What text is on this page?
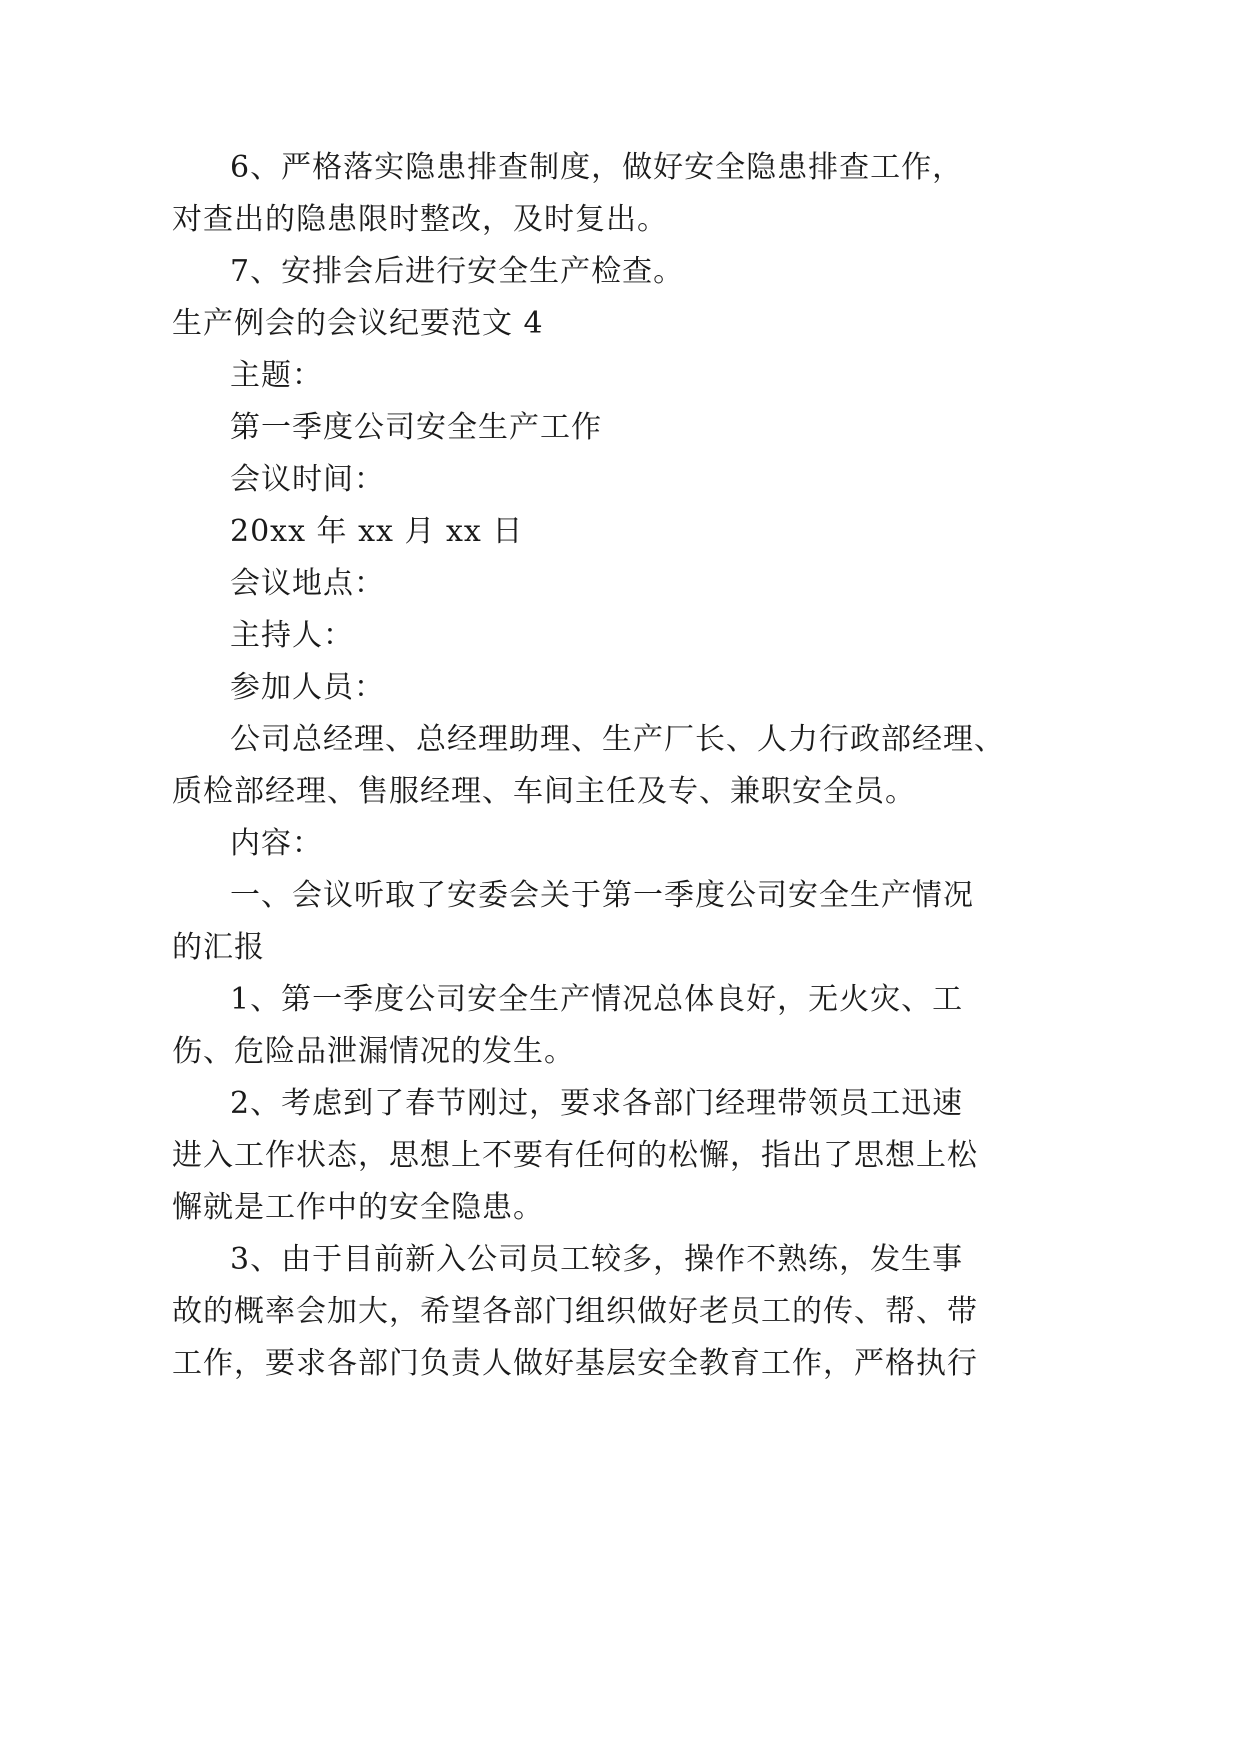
6、严格落实隐患排查制度，做好安全隐患排查工作，
对查出的隐患限时整改，及时复出。
7、安排会后进行安全生产检查。
生产例会的会议纪要范文 4
主题：
第一季度公司安全生产工作
会议时间：
20xx 年 xx 月 xx 日
会议地点：
主持人：
参加人员：
公司总经理、总经理助理、生产厂长、人力行政部经理、
质检部经理、售服经理、车间主任及专、兼职安全员。
内容：
一、会议听取了安委会关于第一季度公司安全生产情况
的汇报
1、第一季度公司安全生产情况总体良好，无火灾、工
伤、危险品泄漏情况的发生。
2、考虑到了春节刚过，要求各部门经理带领员工迅速
进入工作状态，思想上不要有任何的松懈，指出了思想上松
懈就是工作中的安全隐患。
3、由于目前新入公司员工较多，操作不熟练，发生事
故的概率会加大，希望各部门组织做好老员工的传、帮、带
工作，要求各部门负责人做好基层安全教育工作，严格执行
